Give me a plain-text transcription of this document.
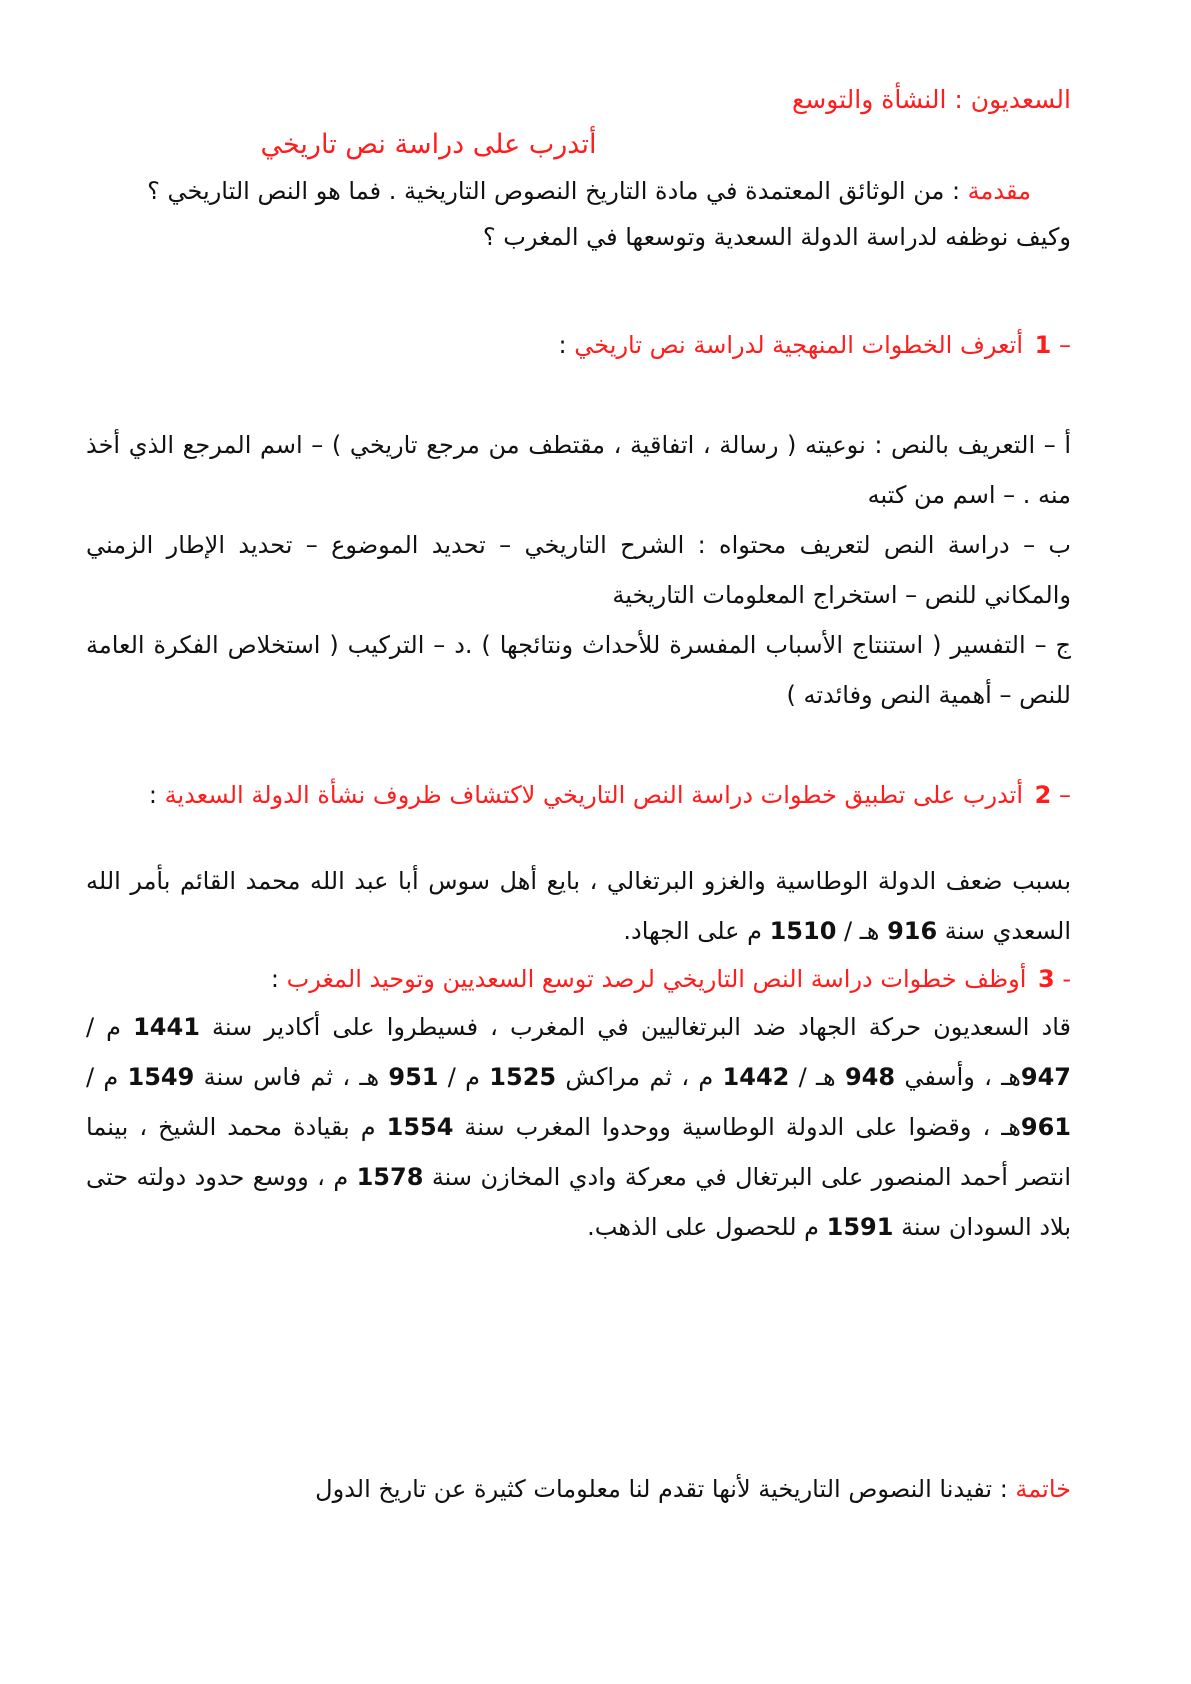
السعديون : النشأة والتوسع

أتدرب على دراسة نص تاريخي

مقدمة : من الوثائق المعتمدة في مادة التاريخ النصوص التاريخية . فما هو النص التاريخي ؟

وكيف نوظفه لدراسة الدولة السعدية وتوسعها في المغرب ؟

– 1 أتعرف الخطوات المنهجية لدراسة نص تاريخي :

أ – التعريف بالنص : نوعيته ( رسالة ، اتفاقية ، مقتطف من مرجع تاريخي ) – اسم المرجع الذي أخذ منه . – اسم من كتبه

ب – دراسة النص لتعريف محتواه : الشرح التاريخي – تحديد الموضوع – تحديد الإطار الزمني والمكاني للنص – استخراج المعلومات التاريخية

ج – التفسير ( استنتاج الأسباب المفسرة للأحداث ونتائجها ) .د – التركيب ( استخلاص الفكرة العامة للنص – أهمية النص وفائدته )

– 2 أتدرب على تطبيق خطوات دراسة النص التاريخي لاكتشاف ظروف نشأة الدولة السعدية :

بسبب ضعف الدولة الوطاسية والغزو البرتغالي ، بايع أهل سوس أبا عبد الله محمد القائم بأمر الله السعدي سنة 916 هـ / 1510 م على الجهاد.

- 3 أوظف خطوات دراسة النص التاريخي لرصد توسع السعديين وتوحيد المغرب :

قاد السعديون حركة الجهاد ضد البرتغاليين في المغرب ، فسيطروا على أكادير سنة 1441 م / 947هـ ، وأسفي 948 هـ / 1442 م ، ثم مراكش 1525 م / 951 هـ ، ثم فاس سنة 1549 م / 961هـ ، وقضوا على الدولة الوطاسية ووحدوا المغرب سنة 1554 م بقيادة محمد الشيخ ، بينما انتصر أحمد المنصور على البرتغال في معركة وادي المخازن سنة 1578 م ، ووسع حدود دولته حتى بلاد السودان سنة 1591 م للحصول على الذهب.

خاتمة : تفيدنا النصوص التاريخية لأنها تقدم لنا معلومات كثيرة عن تاريخ الدول
